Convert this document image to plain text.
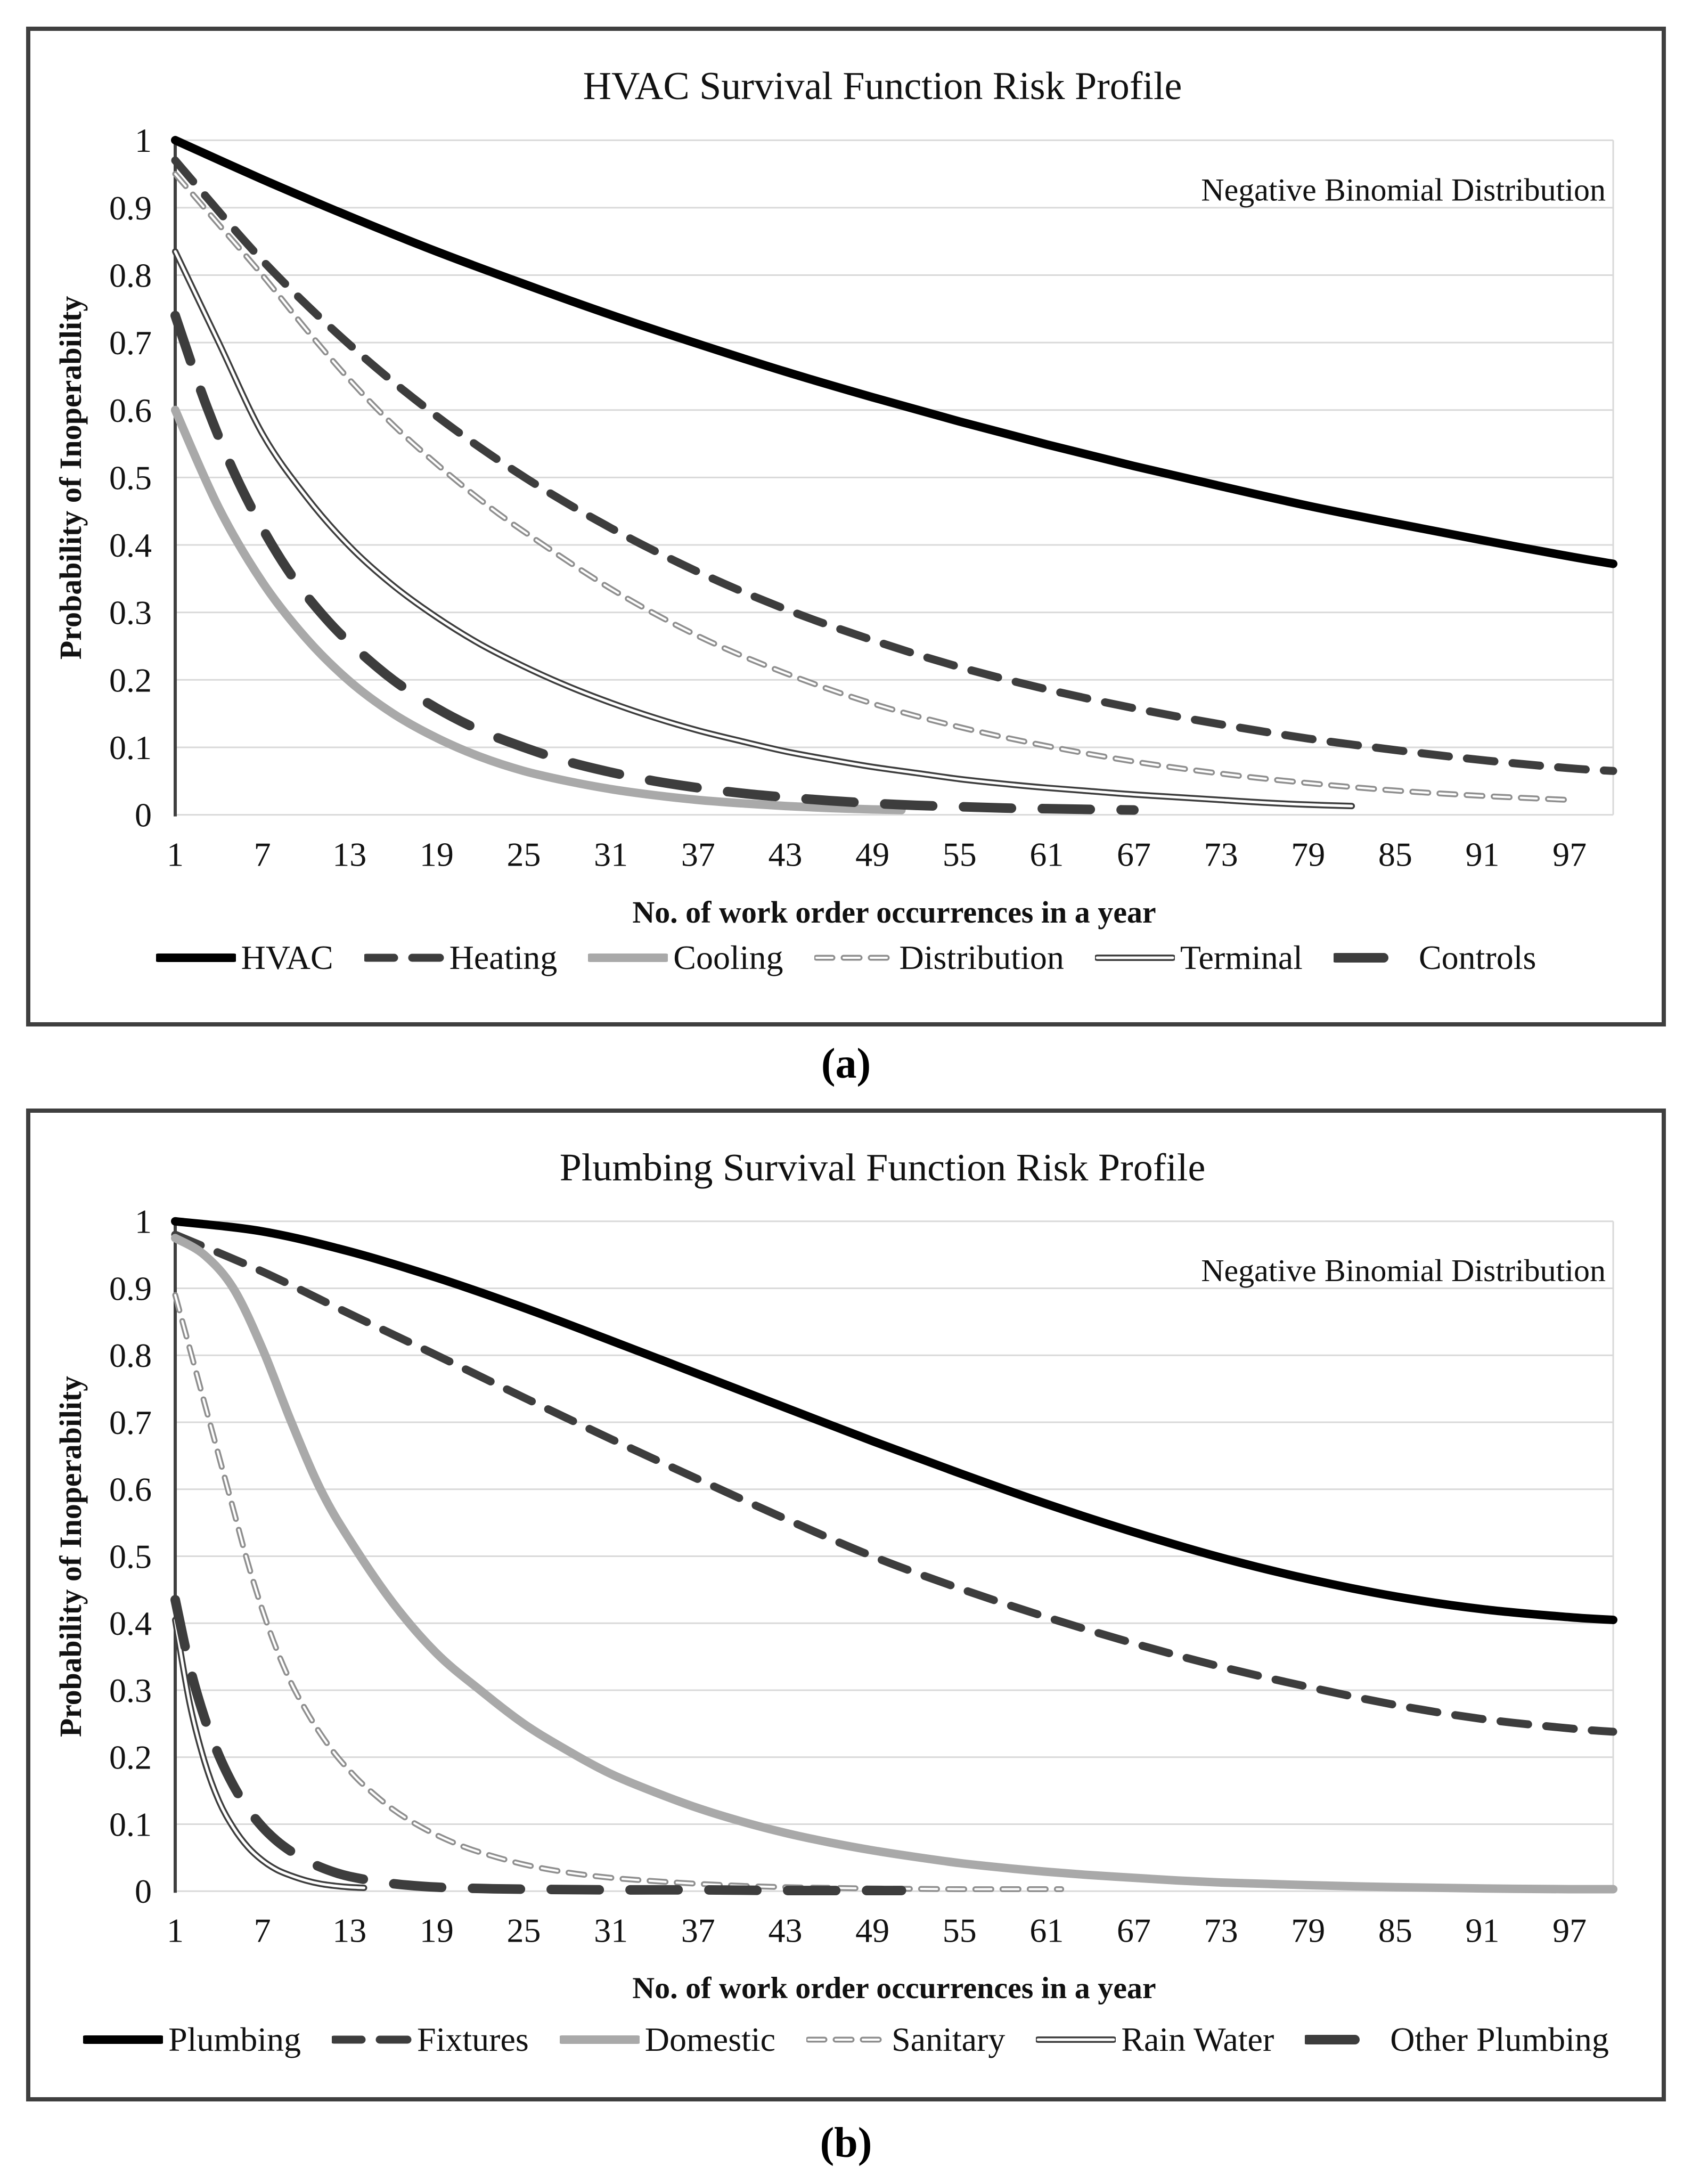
1
0.9
0.8
0.7
0.6
0.5
0.4
0.3
0.2
0.1
0
1 7 13 19 25 31 37 43 49 55 61 67 73 79 85 91 97
HVAC Survival Function Risk Profile
Negative Binomial Distribution
No. of work order occurrences in a year
Probability of Inoperability
HVAC	Heating	Cooling	Distribution	Terminal	Controls
(a)
1
0.9
0.8
0.7
0.6
0.5
0.4
0.3
0.2
0.1
0
1 7 13 19 25 31 37 43 49 55 61 67 73 79 85 91 97
Plumbing Survival Function Risk Profile
Negative Binomial Distribution
No. of work order occurrences in a year
Probability of Inoperability
Plumbing	Fixtures	Domestic	Sanitary	Rain Water	Other Plumbing
(b)
